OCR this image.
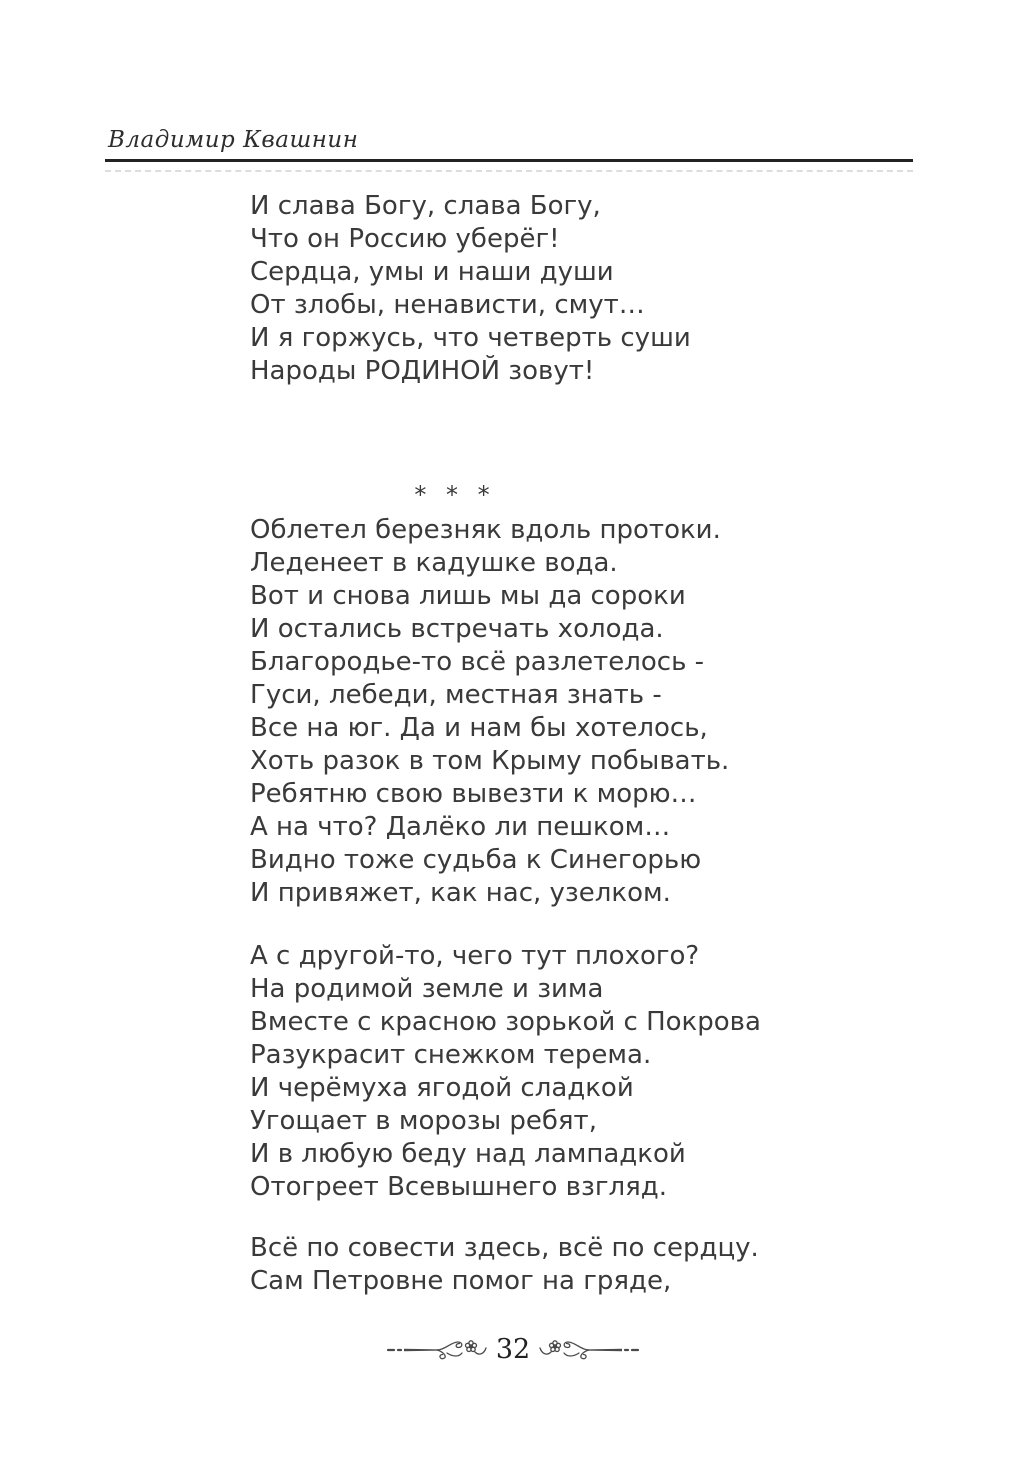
Владимир Квашнин

И слава Богу, слава Богу,

Что он Россию уберёг!

Сердца, умы и наши души

От злобы, ненависти, смут…

И я горжусь, что четверть суши

Народы РОДИНОЙ зовут!

* * *

Облетел березняк вдоль протоки.

Леденеет в кадушке вода.

Вот и снова лишь мы да сороки

И остались встречать холода.

Благородье-то всё разлетелось -

Гуси, лебеди, местная знать -

Все на юг. Да и нам бы хотелось,

Хоть разок в том Крыму побывать.

Ребятню свою вывезти к морю…

А на что? Далёко ли пешком…

Видно тоже судьба к Синегорью

И привяжет, как нас, узелком.

А с другой-то, чего тут плохого?

На родимой земле и зима

Вместе с красною зорькой с Покрова

Разукрасит снежком терема.

И черёмуха ягодой сладкой

Угощает в морозы ребят,

И в любую беду над лампадкой

Отогреет Всевышнего взгляд.

Всё по совести здесь, всё по сердцу.

Сам Петровне помог на гряде,

32
